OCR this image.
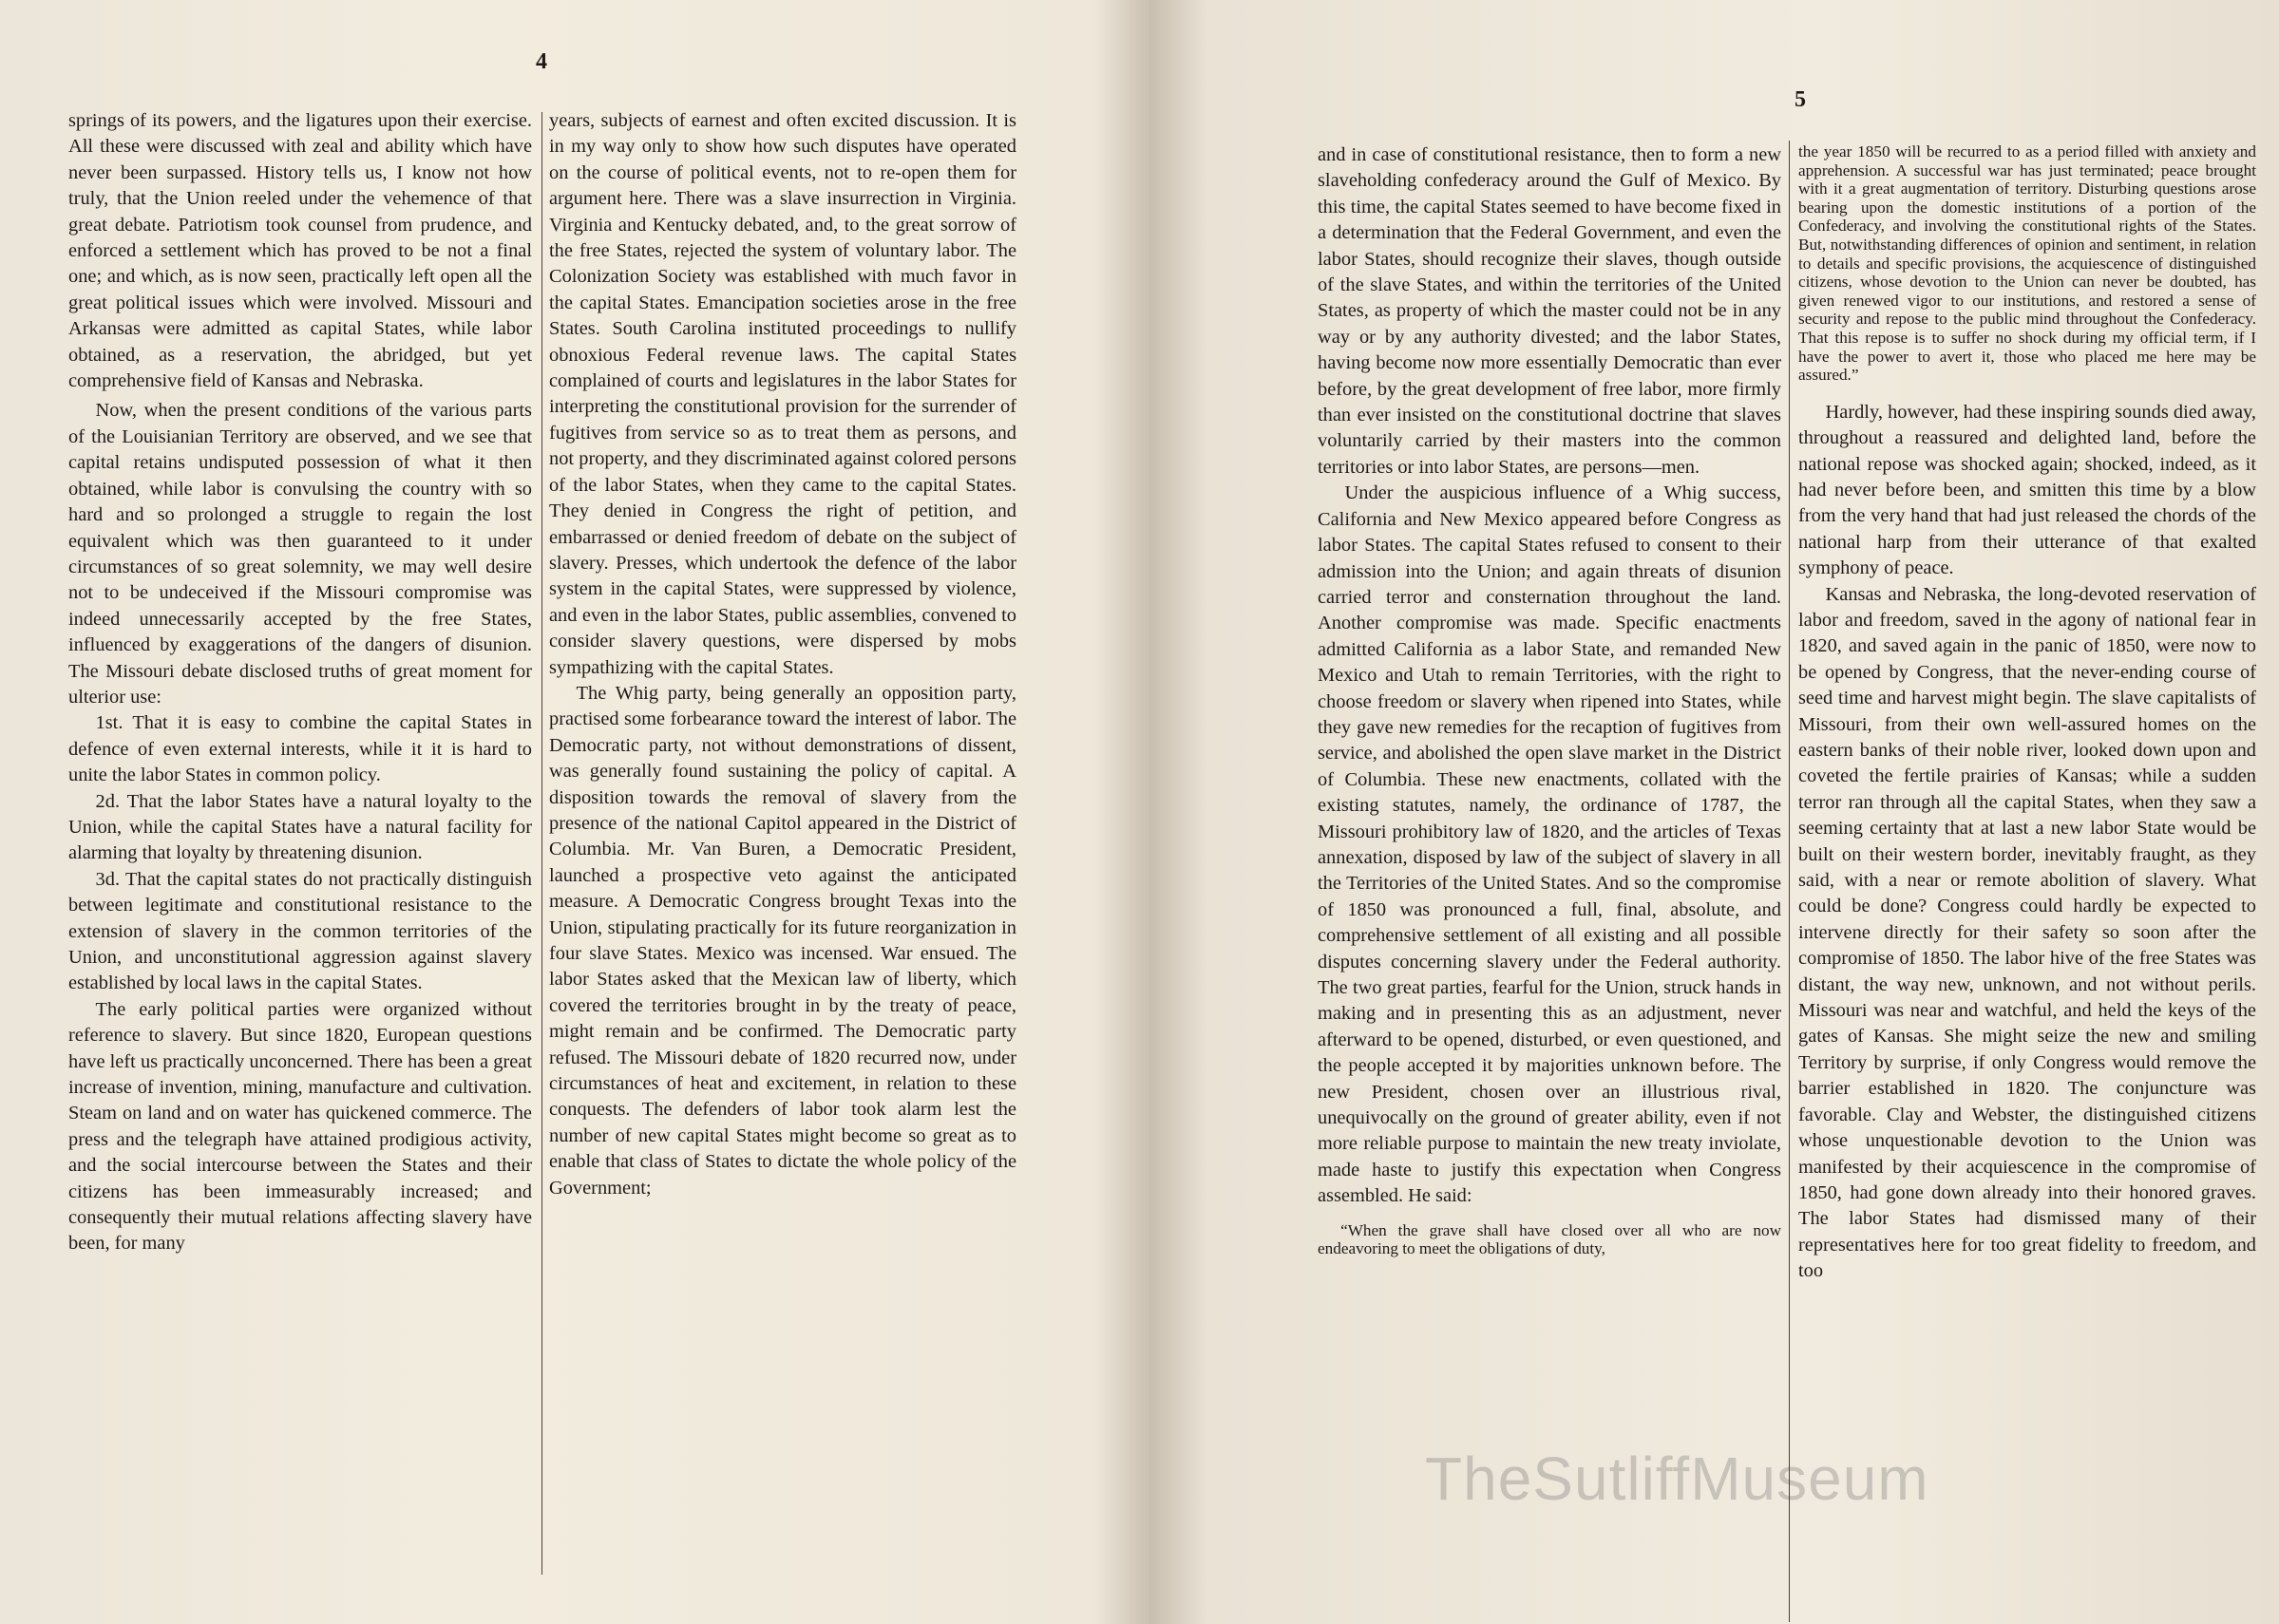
4

springs of its powers, and the ligatures upon their exercise. All these were discussed with zeal and ability which have never been surpassed. History tells us, I know not how truly, that the Union reeled under the vehemence of that great debate. Patriotism took counsel from prudence, and enforced a settlement which has proved to be not a final one; and which, as is now seen, practically left open all the great political issues which were involved. Missouri and Arkansas were admitted as capital States, while labor obtained, as a reservation, the abridged, but yet comprehensive field of Kansas and Nebraska.

Now, when the present conditions of the various parts of the Louisianian Territory are observed, and we see that capital retains undisputed possession of what it then obtained, while labor is convulsing the country with so hard and so prolonged a struggle to regain the lost equivalent which was then guaranteed to it under circumstances of so great solemnity, we may well desire not to be undeceived if the Missouri compromise was indeed unnecessarily accepted by the free States, influenced by exaggerations of the dangers of disunion. The Missouri debate disclosed truths of great moment for ulterior use:

1st. That it is easy to combine the capital States in defence of even external interests, while it it is hard to unite the labor States in common policy.

2d. That the labor States have a natural loyalty to the Union, while the capital States have a natural facility for alarming that loyalty by threatening disunion.

3d. That the capital states do not practically distinguish between legitimate and constitutional resistance to the extension of slavery in the common territories of the Union, and unconstitutional aggression against slavery established by local laws in the capital States.

The early political parties were organized without reference to slavery. But since 1820, European questions have left us practically unconcerned. There has been a great increase of invention, mining, manufacture and cultivation. Steam on land and on water has quickened commerce. The press and the telegraph have attained prodigious activity, and the social intercourse between the States and their citizens has been immeasurably increased; and consequently their mutual relations affecting slavery have been, for many

years, subjects of earnest and often excited discussion. It is in my way only to show how such disputes have operated on the course of political events, not to re-open them for argument here. There was a slave insurrection in Virginia. Virginia and Kentucky debated, and, to the great sorrow of the free States, rejected the system of voluntary labor. The Colonization Society was established with much favor in the capital States. Emancipation societies arose in the free States. South Carolina instituted proceedings to nullify obnoxious Federal revenue laws. The capital States complained of courts and legislatures in the labor States for interpreting the constitutional provision for the surrender of fugitives from service so as to treat them as persons, and not property, and they discriminated against colored persons of the labor States, when they came to the capital States. They denied in Congress the right of petition, and embarrassed or denied freedom of debate on the subject of slavery. Presses, which undertook the defence of the labor system in the capital States, were suppressed by violence, and even in the labor States, public assemblies, convened to consider slavery questions, were dispersed by mobs sympathizing with the capital States.

The Whig party, being generally an opposition party, practised some forbearance toward the interest of labor. The Democratic party, not without demonstrations of dissent, was generally found sustaining the policy of capital. A disposition towards the removal of slavery from the presence of the national Capitol appeared in the District of Columbia. Mr. Van Buren, a Democratic President, launched a prospective veto against the anticipated measure. A Democratic Congress brought Texas into the Union, stipulating practically for its future reorganization in four slave States. Mexico was incensed. War ensued. The labor States asked that the Mexican law of liberty, which covered the territories brought in by the treaty of peace, might remain and be confirmed. The Democratic party refused. The Missouri debate of 1820 recurred now, under circumstances of heat and excitement, in relation to these conquests. The defenders of labor took alarm lest the number of new capital States might become so great as to enable that class of States to dictate the whole policy of the Government;

5

and in case of constitutional resistance, then to form a new slaveholding confederacy around the Gulf of Mexico. By this time, the capital States seemed to have become fixed in a determination that the Federal Government, and even the labor States, should recognize their slaves, though outside of the slave States, and within the territories of the United States, as property of which the master could not be in any way or by any authority divested; and the labor States, having become now more essentially Democratic than ever before, by the great development of free labor, more firmly than ever insisted on the constitutional doctrine that slaves voluntarily carried by their masters into the common territories or into labor States, are persons—men.

Under the auspicious influence of a Whig success, California and New Mexico appeared before Congress as labor States. The capital States refused to consent to their admission into the Union; and again threats of disunion carried terror and consternation throughout the land. Another compromise was made. Specific enactments admitted California as a labor State, and remanded New Mexico and Utah to remain Territories, with the right to choose freedom or slavery when ripened into States, while they gave new remedies for the recaption of fugitives from service, and abolished the open slave market in the District of Columbia. These new enactments, collated with the existing statutes, namely, the ordinance of 1787, the Missouri prohibitory law of 1820, and the articles of Texas annexation, disposed by law of the subject of slavery in all the Territories of the United States. And so the compromise of 1850 was pronounced a full, final, absolute, and comprehensive settlement of all existing and all possible disputes concerning slavery under the Federal authority. The two great parties, fearful for the Union, struck hands in making and in presenting this as an adjustment, never afterward to be opened, disturbed, or even questioned, and the people accepted it by majorities unknown before. The new President, chosen over an illustrious rival, unequivocally on the ground of greater ability, even if not more reliable purpose to maintain the new treaty inviolate, made haste to justify this expectation when Congress assembled. He said:

“When the grave shall have closed over all who are now endeavoring to meet the obligations of duty,

the year 1850 will be recurred to as a period filled with anxiety and apprehension. A successful war has just terminated; peace brought with it a great augmentation of territory. Disturbing questions arose bearing upon the domestic institutions of a portion of the Confederacy, and involving the constitutional rights of the States. But, notwithstanding differences of opinion and sentiment, in relation to details and specific provisions, the acquiescence of distinguished citizens, whose devotion to the Union can never be doubted, has given renewed vigor to our institutions, and restored a sense of security and repose to the public mind throughout the Confederacy. That this repose is to suffer no shock during my official term, if I have the power to avert it, those who placed me here may be assured.”

Hardly, however, had these inspiring sounds died away, throughout a reassured and delighted land, before the national repose was shocked again; shocked, indeed, as it had never before been, and smitten this time by a blow from the very hand that had just released the chords of the national harp from their utterance of that exalted symphony of peace.

Kansas and Nebraska, the long-devoted reservation of labor and freedom, saved in the agony of national fear in 1820, and saved again in the panic of 1850, were now to be opened by Congress, that the never-ending course of seed time and harvest might begin. The slave capitalists of Missouri, from their own well-assured homes on the eastern banks of their noble river, looked down upon and coveted the fertile prairies of Kansas; while a sudden terror ran through all the capital States, when they saw a seeming certainty that at last a new labor State would be built on their western border, inevitably fraught, as they said, with a near or remote abolition of slavery. What could be done? Congress could hardly be expected to intervene directly for their safety so soon after the compromise of 1850. The labor hive of the free States was distant, the way new, unknown, and not without perils. Missouri was near and watchful, and held the keys of the gates of Kansas. She might seize the new and smiling Territory by surprise, if only Congress would remove the barrier established in 1820. The conjuncture was favorable. Clay and Webster, the distinguished citizens whose unquestionable devotion to the Union was manifested by their acquiescence in the compromise of 1850, had gone down already into their honored graves. The labor States had dismissed many of their representatives here for too great fidelity to freedom, and too

TheSutliffMuseum
